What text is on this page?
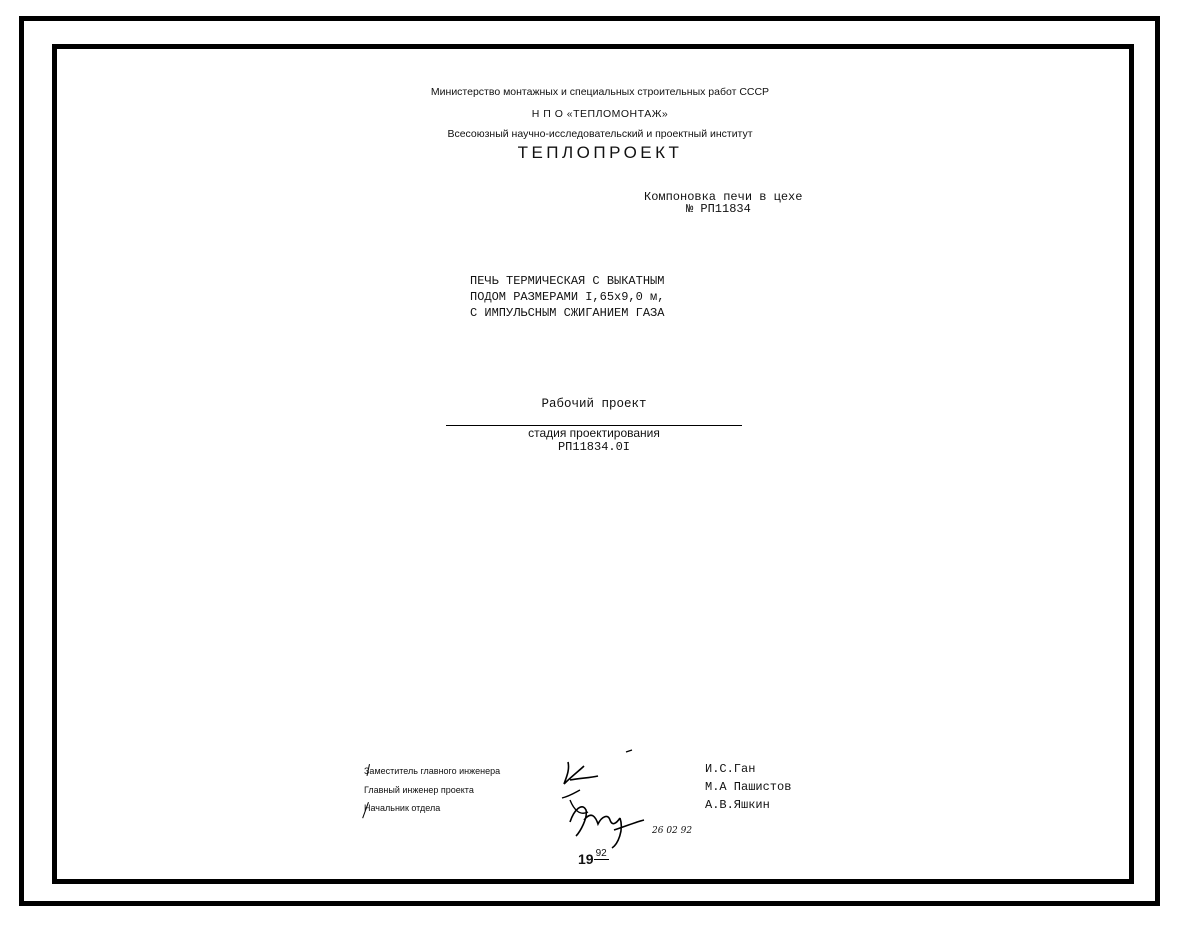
Министерство монтажных и специальных строительных работ СССР
Н П О «ТЕПЛОМОНТАЖ»
Всесоюзный научно-исследовательский и проектный институт
ТЕПЛОПРОЕКТ
Компоновка печи в цехе
№ РП11834
ПЕЧЬ ТЕРМИЧЕСКАЯ С ВЫКАТНЫМ
ПОДОМ РАЗМЕРАМИ I,65х9,0 м,
С ИМПУЛЬСНЫМ СЖИГАНИЕМ ГАЗА
Рабочий проект
стадия проектирования
РП11834.0I
Заместитель главного инженера
Главный инженер проекта
Начальник отдела
И.С.Ган
М.А Пашистов
А.В.Яшкин
26 02 92
19 $^{92}$
